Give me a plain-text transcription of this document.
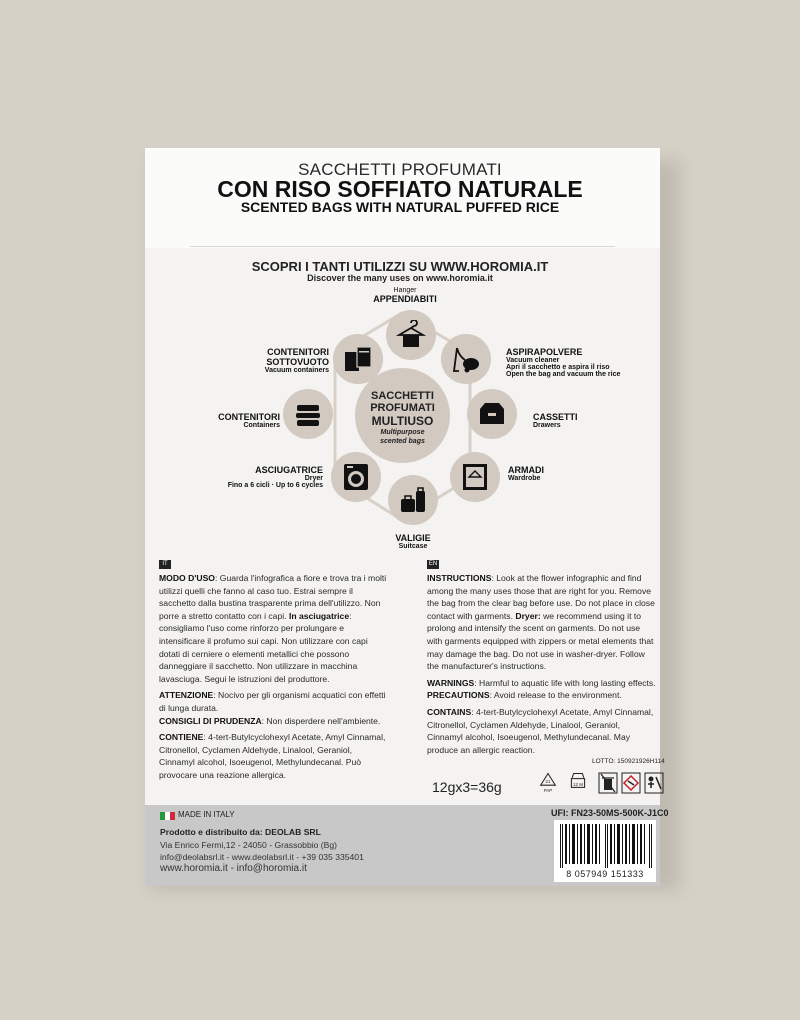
SACCHETTI PROFUMATI
CON RISO SOFFIATO NATURALE
SCENTED BAGS WITH NATURAL PUFFED RICE
SCOPRI I TANTI UTILIZZI SU WWW.HOROMIA.IT
Discover the many uses on www.horomia.it
SACCHETTI
PROFUMATI
MULTIUSO
Multipurpose
scented bags
Hanger
APPENDIABITI
CONTENITORI
SOTTOVUOTO
Vacuum containers
ASPIRAPOLVERE
Vacuum cleaner
Apri il sacchetto e aspira il riso
Open the bag and vacuum the rice
CONTENITORI
Containers
CASSETTI
Drawers
ASCIUGATRICE
Dryer
Fino a 6 cicli · Up to 6 cycles
ARMADI
Wardrobe
VALIGIE
Suitcase
IT

MODO D'USO: Guarda l'infografica a fiore e trova tra i molti utilizzi quelli che fanno al caso tuo. Estrai sempre il sacchetto dalla bustina trasparente prima dell'utilizzo. Non porre a stretto contatto con i capi. In asciugatrice: consigliamo l'uso come rinforzo per prolungare e intensificare il profumo sui capi. Non utilizzare con capi dotati di cerniere o elementi metallici che possono danneggiare il sacchetto. Non utilizzare in macchina lavasciuga. Segui le istruzioni del produttore.

ATTENZIONE: Nocivo per gli organismi acquatici con effetti di lunga durata.

CONSIGLI DI PRUDENZA: Non disperdere nell'ambiente.

CONTIENE: 4-tert-Butylcyclohexyl Acetate, Amyl Cinnamal, Citronellol, Cyclamen Aldehyde, Linalool, Geraniol, Cinnamyl alcohol, Isoeugenol, Methylundecanal. Può provocare una reazione allergica.

EN

INSTRUCTIONS: Look at the flower infographic and find among the many uses those that are right for you. Remove the bag from the clear bag before use. Do not place in close contact with garments. Dryer: we recommend using it to prolong and intensify the scent on garments. Do not use with garments equipped with zippers or metal elements that may damage the bag. Do not use in washer-dryer. Follow the manufacturer's instructions.

WARNINGS: Harmful to aquatic life with long lasting effects.

PRECAUTIONS: Avoid release to the environment.

CONTAINS: 4-tert-Butylcyclohexyl Acetate, Amyl Cinnamal, Citronellol, Cyclamen Aldehyde, Linalool, Geraniol, Cinnamyl alcohol, Isoeugenol, Methylundecanal. May produce an allergic reaction.

LOTTO: 150921926H114
12gx3=36g	21
PAP
12 M
MADE IN ITALY	UFI: FN23-50MS-500K-J1C0
Prodotto e distribuito da: DEOLAB SRL
Via Enrico Fermi,12 - 24050 - Grassobbio (Bg)
info@deolabsrl.it - www.deolabsrl.it - +39 035 335401
www.horomia.it - info@horomia.it	8 057949 151333
